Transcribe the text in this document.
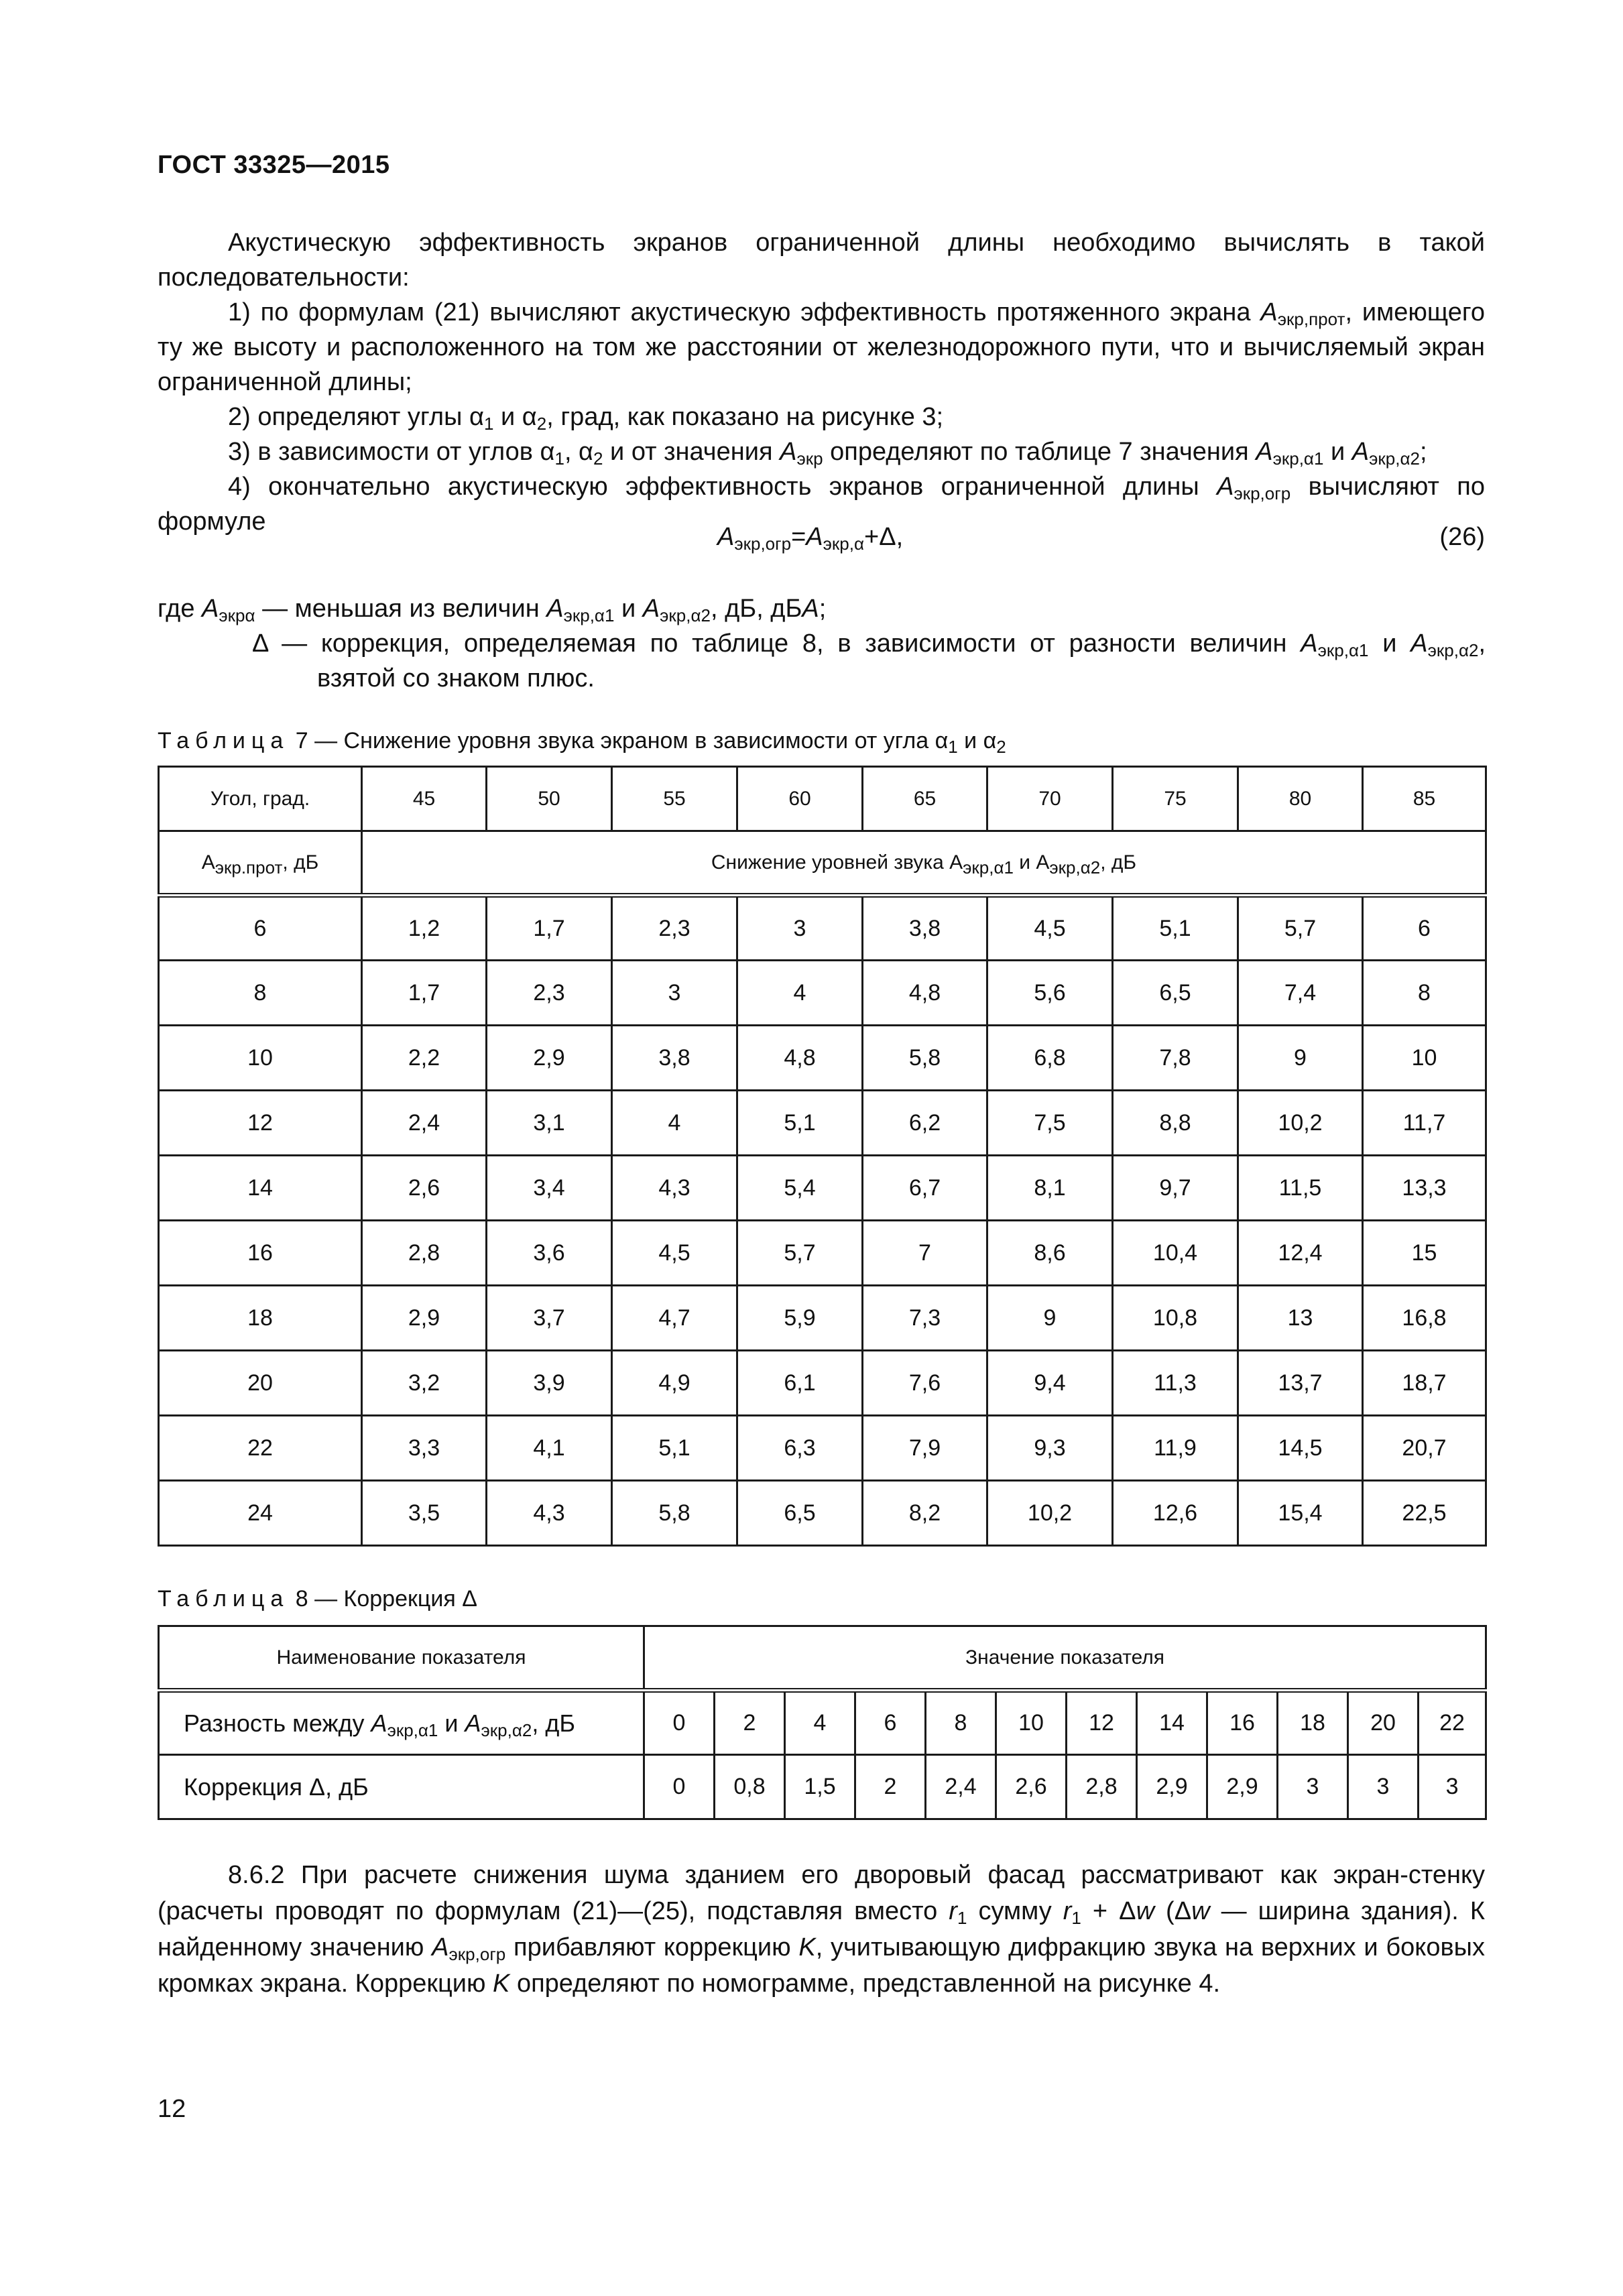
ГОСТ 33325—2015
Акустическую эффективность экранов ограниченной длины необходимо вычислять в такой последовательности:
1) по формулам (21) вычисляют акустическую эффективность протяженного экрана $A_{экр,прот}$, имеющего ту же высоту и расположенного на том же расстоянии от железнодорожного пути, что и вычисляемый экран ограниченной длины;
2) определяют углы $\alpha_1$ и $\alpha_2$, град, как показано на рисунке 3;
3) в зависимости от углов $\alpha_1$, $\alpha_2$ и от значения $A_{экр}$ определяют по таблице 7 значения $A_{экр,\alpha 1}$ и $A_{экр,\alpha 2}$;
4) окончательно акустическую эффективность экранов ограниченной длины $A_{экр,огр}$ вычисляют по формуле
$A_{экр,огр}=A_{экр,\alpha}+\Delta$,	(26)
где $A_{экр\alpha}$ — меньшая из величин $A_{экр,\alpha 1}$ и $A_{экр,\alpha 2}$, дБ, дБA;
Δ — коррекция, определяемая по таблице 8, в зависимости от разности величин $A_{экр,\alpha 1}$ и $A_{экр,\alpha 2}$,
взятой со знаком плюс.
Таблица 7 — Снижение уровня звука экраном в зависимости от угла $\alpha_1$ и $\alpha_2$
Угол, град.	45	50	55	60	65	70	75	80	85
$A_{экр.прот}$, дБ	Снижение уровней звука $A_{экр,\alpha 1}$ и $A_{экр,\alpha 2}$, дБ								
6	1,2	1,7	2,3	3	3,8	4,5	5,1	5,7	6
8	1,7	2,3	3	4	4,8	5,6	6,5	7,4	8
10	2,2	2,9	3,8	4,8	5,8	6,8	7,8	9	10
12	2,4	3,1	4	5,1	6,2	7,5	8,8	10,2	11,7
14	2,6	3,4	4,3	5,4	6,7	8,1	9,7	11,5	13,3
16	2,8	3,6	4,5	5,7	7	8,6	10,4	12,4	15
18	2,9	3,7	4,7	5,9	7,3	9	10,8	13	16,8
20	3,2	3,9	4,9	6,1	7,6	9,4	11,3	13,7	18,7
22	3,3	4,1	5,1	6,3	7,9	9,3	11,9	14,5	20,7
24	3,5	4,3	5,8	6,5	8,2	10,2	12,6	15,4	22,5
Таблица 8 — Коррекция Δ
Наименование показателя	Значение показателя											
Разность между $A_{экр,\alpha 1}$ и $A_{экр,\alpha 2}$, дБ	0	2	4	6	8	10	12	14	16	18	20	22
Коррекция Δ, дБ	0	0,8	1,5	2	2,4	2,6	2,8	2,9	2,9	3	3	3
8.6.2 При расчете снижения шума зданием его дворовый фасад рассматривают как экран-стенку (расчеты проводят по формулам (21)—(25), подставляя вместо $r_1$ сумму $r_1 + \Delta w$ (Δw — ширина здания). К найденному значению $A_{экр,огр}$ прибавляют коррекцию K, учитывающую дифракцию звука на верхних и боковых кромках экрана. Коррекцию K определяют по номограмме, представленной на рисунке 4.
12
